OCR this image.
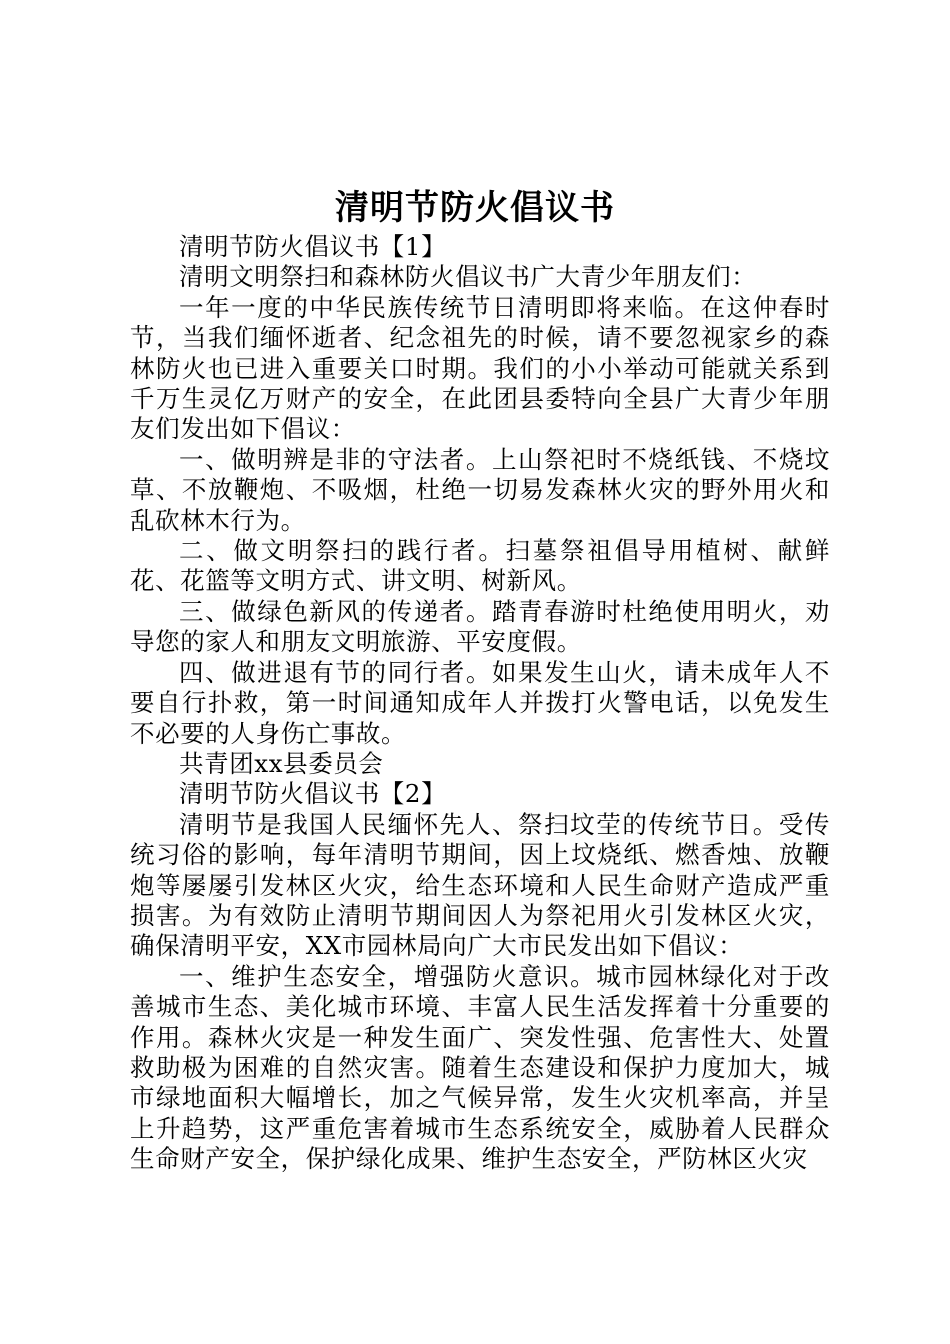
清明节防火倡议书

清明节防火倡议书【1】

清明文明祭扫和森林防火倡议书广大青少年朋友们：

一年一度的中华民族传统节日清明即将来临。在这仲春时节，当我们缅怀逝者、纪念祖先的时候，请不要忽视家乡的森林防火也已进入重要关口时期。我们的小小举动可能就关系到千万生灵亿万财产的安全，在此团县委特向全县广大青少年朋友们发出如下倡议：

一、做明辨是非的守法者。上山祭祀时不烧纸钱、不烧坟草、不放鞭炮、不吸烟，杜绝一切易发森林火灾的野外用火和乱砍林木行为。

二、做文明祭扫的践行者。扫墓祭祖倡导用植树、献鲜花、花篮等文明方式、讲文明、树新风。

三、做绿色新风的传递者。踏青春游时杜绝使用明火，劝导您的家人和朋友文明旅游、平安度假。

四、做进退有节的同行者。如果发生山火，请未成年人不要自行扑救，第一时间通知成年人并拨打火警电话，以免发生不必要的人身伤亡事故。

共青团xx县委员会

清明节防火倡议书【2】

清明节是我国人民缅怀先人、祭扫坟茔的传统节日。受传统习俗的影响，每年清明节期间，因上坟烧纸、燃香烛、放鞭炮等屡屡引发林区火灾，给生态环境和人民生命财产造成严重损害。为有效防止清明节期间因人为祭祀用火引发林区火灾，确保清明平安，XX市园林局向广大市民发出如下倡议：

一、维护生态安全，增强防火意识。城市园林绿化对于改善城市生态、美化城市环境、丰富人民生活发挥着十分重要的作用。森林火灾是一种发生面广、突发性强、危害性大、处置救助极为困难的自然灾害。随着生态建设和保护力度加大，城市绿地面积大幅增长，加之气候异常，发生火灾机率高，并呈上升趋势，这严重危害着城市生态系统安全，威胁着人民群众生命财产安全，保护绿化成果、维护生态安全，严防林区火灾
